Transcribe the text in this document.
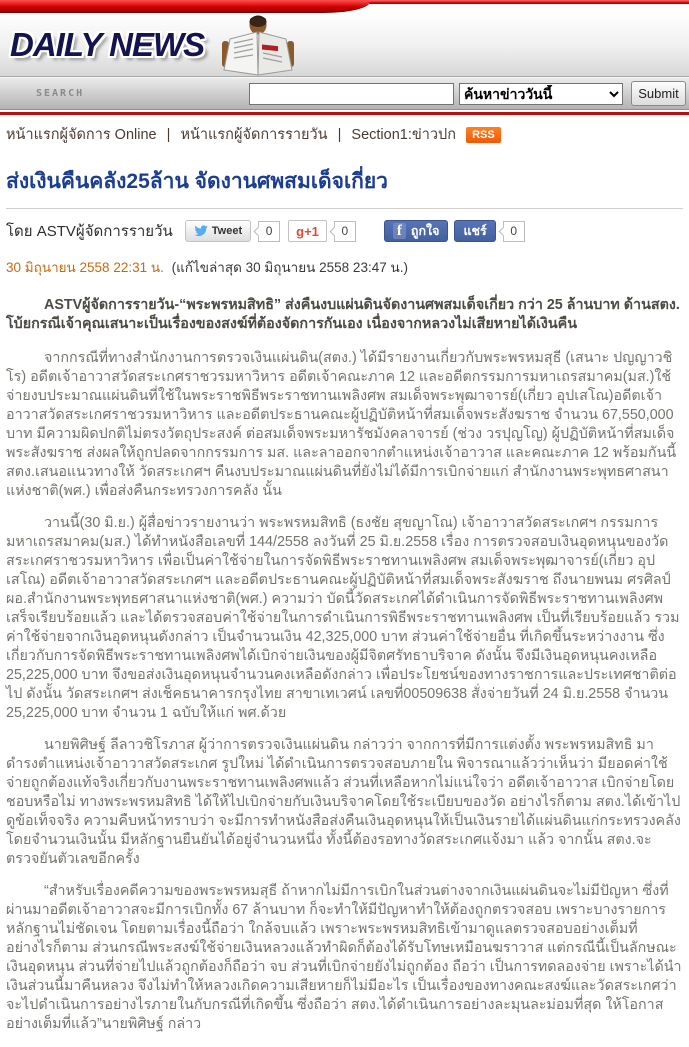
DAILY NEWS
SEARCH
ค้นหาข่าววันนี้	Submit
หน้าแรกผู้จัดการ Online | หน้าแรกผู้จัดการรายวัน | Section1:ข่าวปก RSS
ส่งเงินคืนคลัง25ล้าน จัดงานศพสมเด็จเกี่ยว
โดย ASTVผู้จัดการรายวัน	Tweet	0	g+1	0	f ถูกใจ	แชร์	0
30 มิถุนายน 2558 22:31 น. (แก้ไขล่าสุด 30 มิถุนายน 2558 23:47 น.)

ASTVผู้จัดการรายวัน-“พระพรหมสิทธิ” ส่งคืนงบแผ่นดินจัดงานศพสมเด็จเกี่ยว กว่า 25 ล้านบาท ด้านสตง. โบ้ยกรณีเจ้าคุณเสนาะเป็นเรื่องของสงฆ์ที่ต้องจัดการกันเอง เนื่องจากหลวงไม่เสียหายได้เงินคืน

จากกรณีที่ทางสำนักงานการตรวจเงินแผ่นดิน(สตง.) ได้มีรายงานเกี่ยวกับพระพรหมสุธี (เสนาะ ปญญาวชิโร) อดีตเจ้าอาวาสวัดสระเกศราชวรมหาวิหาร อดีตเจ้าคณะภาค 12 และอดีตกรรมการมหาเถรสมาคม(มส.)ใช้จ่ายงบประมาณแผ่นดินที่ใช้ในพระราชพิธีพระราชทานเพลิงศพ สมเด็จพระพุฒาจารย์(เกี่ยว อุปเสโณ)อดีตเจ้าอาวาสวัดสระเกศราชวรมหาวิหาร และอดีตประธานคณะผู้ปฏิบัติหน้าที่สมเด็จพระสังฆราช จำนวน 67,550,000 บาท มีความผิดปกติไม่ตรงวัตถุประสงค์ ต่อสมเด็จพระมหารัชมังคลาจารย์ (ช่วง วรปุญโญ) ผู้ปฏิบัติหน้าที่สมเด็จพระสังฆราช ส่งผลให้ถูกปลดจากกรรมการ มส. และลาออกจากตำแหน่งเจ้าอาวาส และคณะภาค 12 พร้อมกันนี้ สตง.เสนอแนวทางให้ วัดสระเกศฯ คืนงบประมาณแผ่นดินที่ยังไม่ได้มีการเบิกจ่ายแก่ สำนักงานพระพุทธศาสนาแห่งชาติ(พศ.) เพื่อส่งคืนกระทรวงการคลัง นั้น

วานนี้(30 มิ.ย.) ผู้สื่อข่าวรายงานว่า พระพรหมสิทธิ (ธงชัย สุขญาโณ) เจ้าอาวาสวัดสระเกศฯ กรรมการมหาเถรสมาคม(มส.) ได้ทำหนังสือเลขที่ 144/2558 ลงวันที่ 25 มิ.ย.2558 เรื่อง การตรวจสอบเงินอุดหนุนของวัดสระเกศราชวรมหาวิหาร เพื่อเป็นค่าใช้จ่ายในการจัดพิธีพระราชทานเพลิงศพ สมเด็จพระพุฒาจารย์(เกี่ยว อุปเสโณ) อดีตเจ้าอาวาสวัดสระเกศฯ และอดีตประธานคณะผู้ปฏิบัติหน้าที่สมเด็จพระสังฆราช ถึงนายพนม ศรศิลป์ ผอ.สำนักงานพระพุทธศาสนาแห่งชาติ(พศ.) ความว่า บัดนี้วัดสระเกศได้ดำเนินการจัดพิธีพระราชทานเพลิงศพ เสร็จเรียบร้อยแล้ว และได้ตรวจสอบค่าใช้จ่ายในการดำเนินการพิธีพระราชทานเพลิงศพ เป็นที่เรียบร้อยแล้ว รวมค่าใช้จ่ายจากเงินอุดหนุนดังกล่าว เป็นจำนวนเงิน 42,325,000 บาท ส่วนค่าใช้จ่ายอื่น ที่เกิดขึ้นระหว่างงาน ซึ่งเกี่ยวกับการจัดพิธีพระราชทานเพลิงศพได้เบิกจ่ายเงินของผู้มีจิตศรัทธาบริจาค ดังนั้น จึงมีเงินอุดหนุนคงเหลือ 25,225,000 บาท จึงขอส่งเงินอุดหนุนจำนวนคงเหลือดังกล่าว เพื่อประโยชน์ของทางราชการและประเทศชาติต่อไป ดังนั้น วัดสระเกศฯ ส่งเช็คธนาคารกรุงไทย สาขาเทเวศน์ เลขที่00509638 สั่งจ่ายวันที่ 24 มิ.ย.2558 จำนวน 25,225,000 บาท จำนวน 1 ฉบับให้แก่ พศ.ด้วย

นายพิศิษฐ์ ลีลาวชิโรภาส ผู้ว่าการตรวจเงินแผ่นดิน กล่าวว่า จากการที่มีการแต่งตั้ง พระพรหมสิทธิ มาดำรงตำแหน่งเจ้าอาวาสวัดสระเกศ รูปใหม่ ได้ดำเนินการตรวจสอบภายใน พิจารณาแล้วว่าเห็นว่า มียอดค่าใช้จ่ายถูกต้องแท้จริงเกี่ยวกับงานพระราชทานเพลิงศพแล้ว ส่วนที่เหลือหากไม่แน่ใจว่า อดีตเจ้าอาวาส เบิกจ่ายโดยชอบหรือไม่ ทางพระพรหมสิทธิ ได้ให้ไปเบิกจ่ายกับเงินบริจาคโดยใช้ระเบียบของวัด อย่างไรก็ตาม สตง.ได้เข้าไปดูข้อเท็จจริง ความคืบหน้าทราบว่า จะมีการทำหนังสือส่งคืนเงินอุดหนุนให้เป็นเงินรายได้แผ่นดินแก่กระทรวงคลัง โดยจำนวนเงินนั้น มีหลักฐานยืนยันได้อยู่จำนวนหนึ่ง ทั้งนี้ต้องรอทางวัดสระเกศแจ้งมา แล้ว จากนั้น สตง.จะตรวจยันตัวเลขอีกครั้ง

“สำหรับเรื่องคดีความของพระพรหมสุธี ถ้าหากไม่มีการเบิกในส่วนต่างจากเงินแผ่นดินจะไม่มีปัญหา ซึ่งที่ผ่านมาอดีตเจ้าอาวาสจะมีการเบิกทั้ง 67 ล้านบาท ก็จะทำให้มีปัญหาทำให้ต้องถูกตรวจสอบ เพราะบางรายการหลักฐานไม่ชัดเจน โดยตามเรื่องนี้ถือว่า ใกล้จบแล้ว เพราะพระพรหมสิทธิเข้ามาดูแลตรวจสอบอย่างเต็มที่ อย่างไรก็ตาม ส่วนกรณีพระสงฆ์ใช้จ่ายเงินหลวงแล้วทำผิดก็ต้องได้รับโทษเหมือนฆราวาส แต่กรณีนี้เป็นลักษณะเงินอุดหนุน ส่วนที่จ่ายไปแล้วถูกต้องก็ถือว่า จบ ส่วนที่เบิกจ่ายยังไม่ถูกต้อง ถือว่า เป็นการทดลองจ่าย เพราะได้นำเงินส่วนนี้มาคืนหลวง จึงไม่ทำให้หลวงเกิดความเสียหายก็ไม่มีอะไร เป็นเรื่องของทางคณะสงฆ์และวัดสระเกศว่า จะไปดำเนินการอย่างไรภายในกับกรณีที่เกิดขึ้น ซึ่งถือว่า สตง.ได้ดำเนินการอย่างละมุนละม่อมที่สุด ให้โอกาสอย่างเต็มที่แล้ว”นายพิศิษฐ์ กล่าว
